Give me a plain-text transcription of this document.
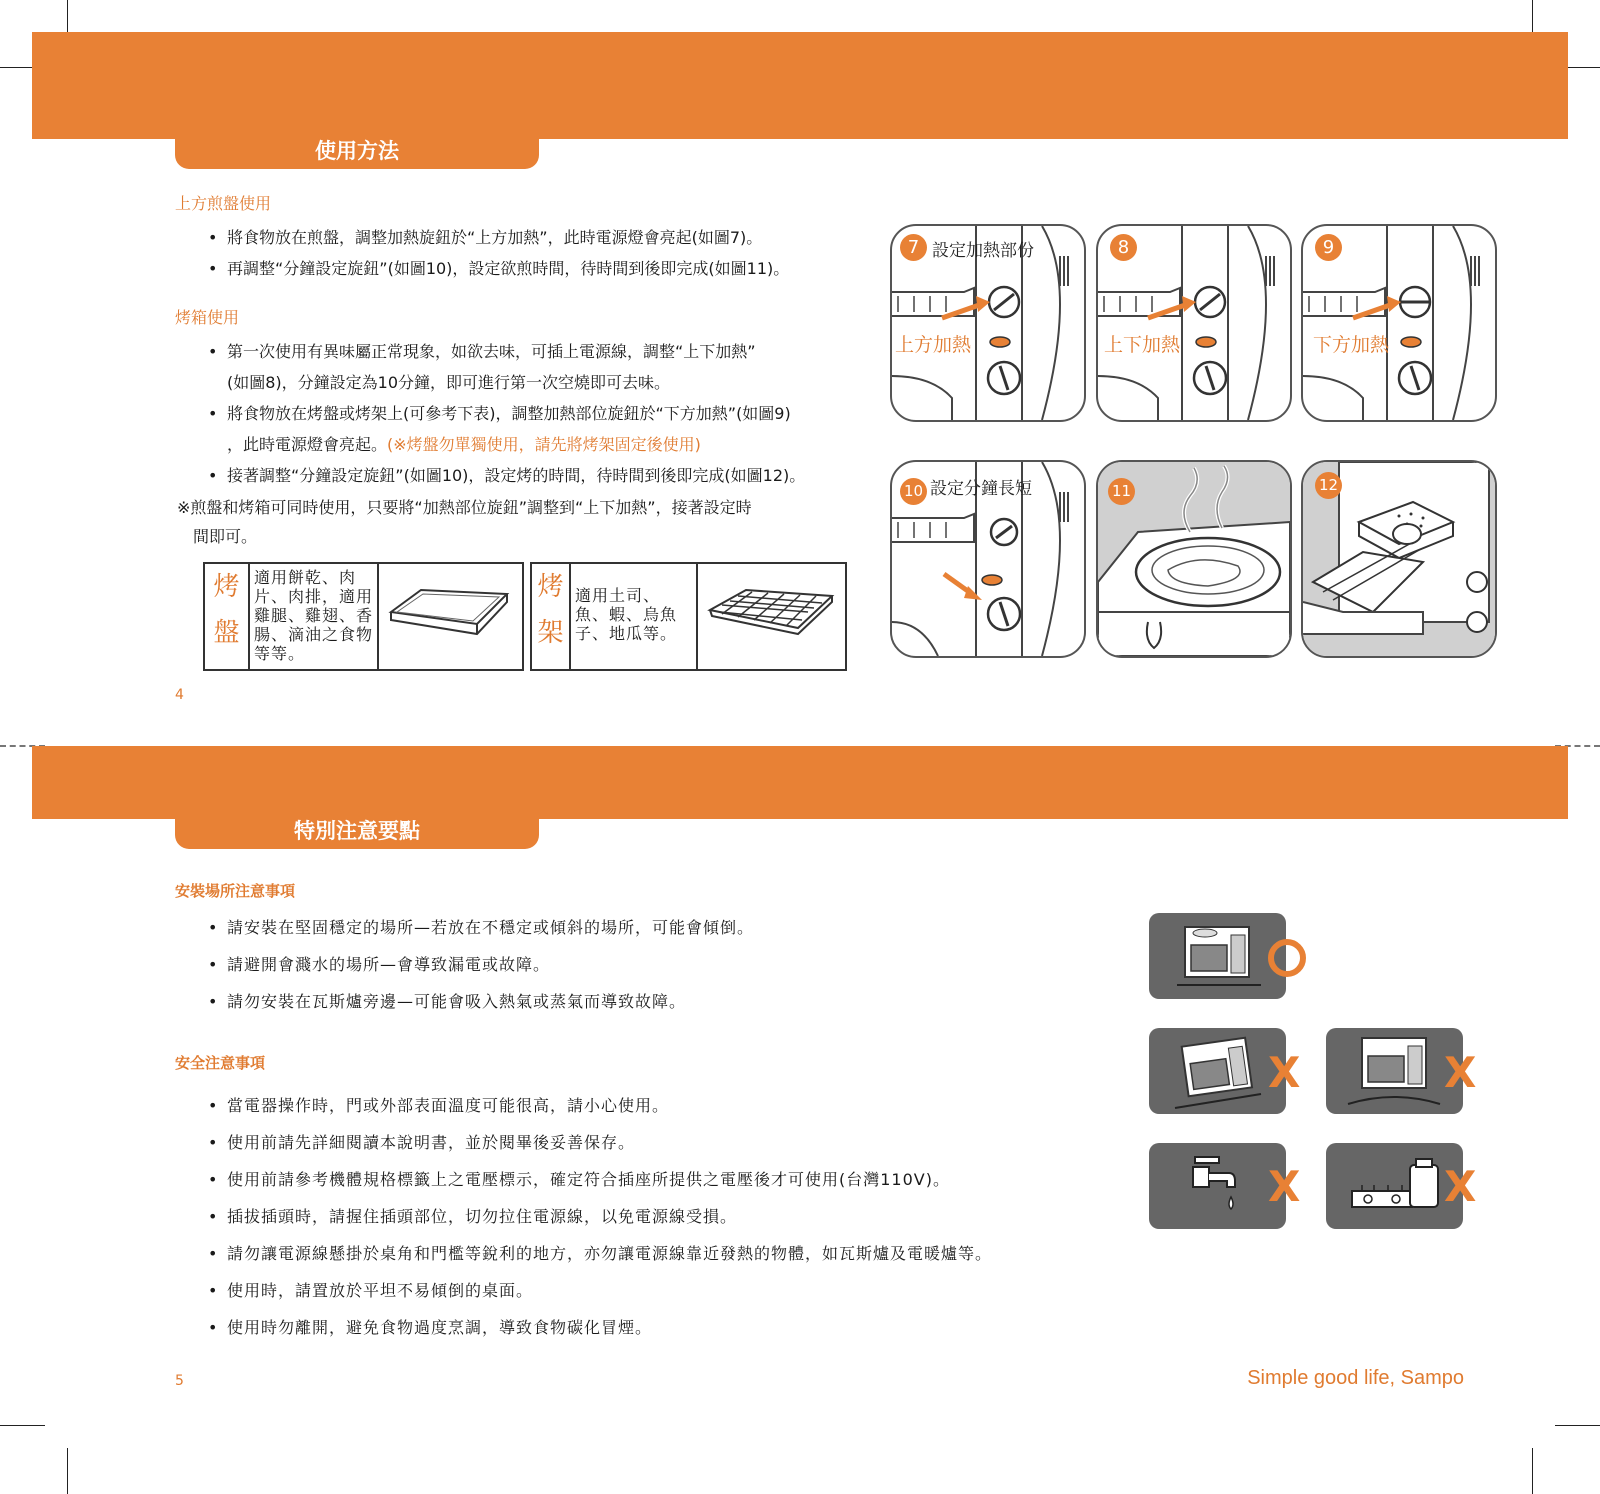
使用方法
上方煎盤使用
• 將食物放在煎盤，調整加熱旋鈕於“上方加熱”，此時電源燈會亮起(如圖7)。
• 再調整“分鐘設定旋鈕”(如圖10)，設定欲煎時間，待時間到後即完成(如圖11)。
烤箱使用
• 第一次使用有異味屬正常現象，如欲去味，可插上電源線，調整“上下加熱”
(如圖8)，分鐘設定為10分鐘，即可進行第一次空燒即可去味。
• 將食物放在烤盤或烤架上(可參考下表)，調整加熱部位旋鈕於“下方加熱”(如圖9)
，此時電源燈會亮起。(※烤盤勿單獨使用，請先將烤架固定後使用)
• 接著調整“分鐘設定旋鈕”(如圖10)，設定烤的時間，待時間到後即完成(如圖12)。
※煎盤和烤箱可同時使用，只要將“加熱部位旋鈕”調整到“上下加熱”，接著設定時
間即可。
烤
盤
適用餅乾、肉片、肉排，適用雞腿、雞翅、香腸、滴油之食物等等。
烤
架
適用土司、魚、蝦、烏魚子、地瓜等。
4
7 設定加熱部份
上方加熱
8
上下加熱
9
下方加熱
10 設定分鐘長短	11	12
特別注意要點
安裝場所注意事項
• 請安裝在堅固穩定的場所—若放在不穩定或傾斜的場所，可能會傾倒。
• 請避開會濺水的場所—會導致漏電或故障。
• 請勿安裝在瓦斯爐旁邊—可能會吸入熱氣或蒸氣而導致故障。
安全注意事項
• 當電器操作時，門或外部表面溫度可能很高，請小心使用。
• 使用前請先詳細閱讀本說明書，並於閱畢後妥善保存。
• 使用前請參考機體規格標籤上之電壓標示，確定符合插座所提供之電壓後才可使用(台灣110V)。
• 插拔插頭時，請握住插頭部位，切勿拉住電源線，以免電源線受損。
• 請勿讓電源線懸掛於桌角和門檻等銳利的地方，亦勿讓電源線靠近發熱的物體，如瓦斯爐及電暖爐等。
• 使用時，請置放於平坦不易傾倒的桌面。
• 使用時勿離開，避免食物過度烹調，導致食物碳化冒煙。
X	X
X	X
5	Simple good life, Sampo
